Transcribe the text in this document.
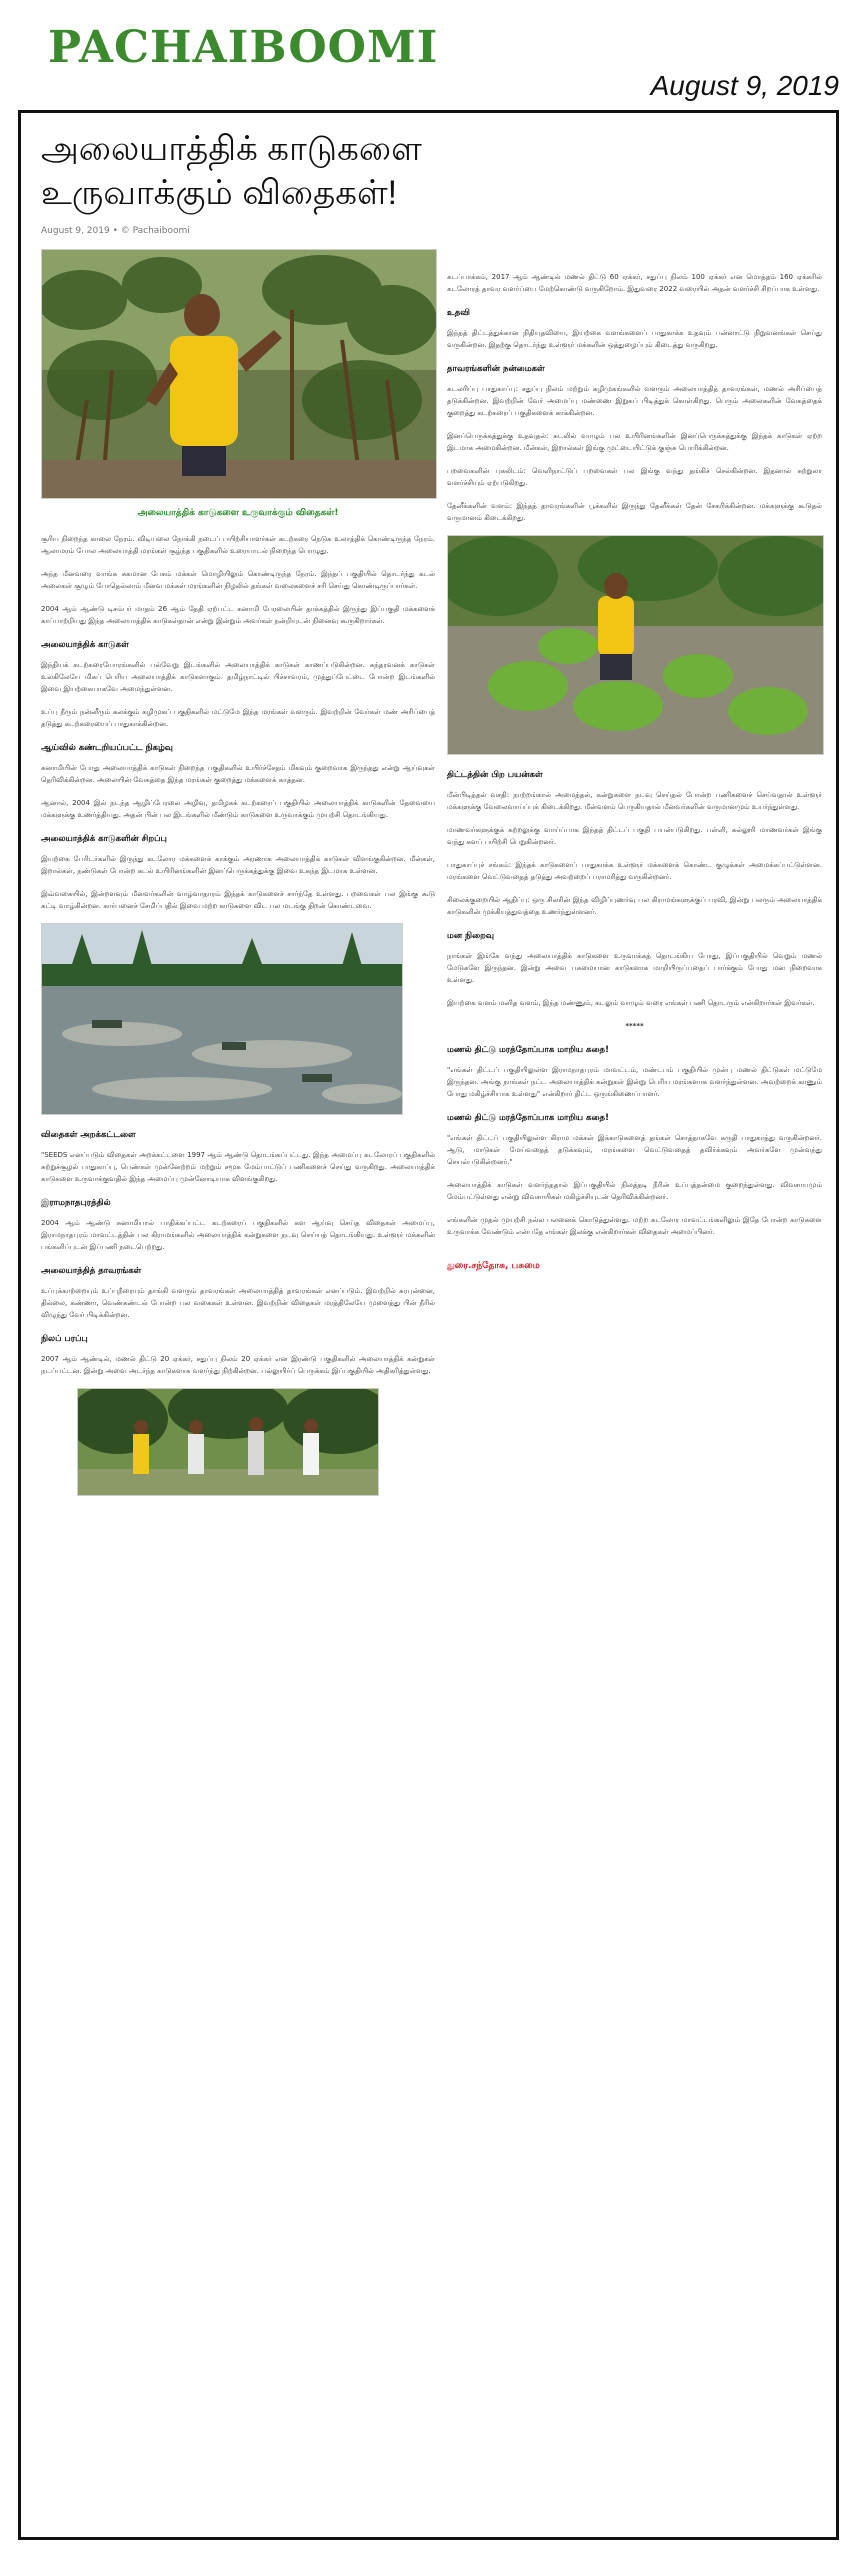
PACHAIBOOMI
August 9, 2019
அலையாத்திக் காடுகளை உருவாக்கும் விதைகள்!
August 9, 2019 • © Pachaiboomi
அலையாத்திக் காடுகளை உருவாக்கும் விதைகள்!

சூரிய நிறைந்த காலை நேரம். விடியலை நோக்கி நடைப் பயிற்சியாளர்கள் கடற்கரை நெடுக உலாத்திக் கொண்டிருந்த நேரம். ஆலாமரம் போல அலையாத்தி மரங்கள் சூழ்ந்த பகுதிகளில் உரையாடல் நிறைந்த பொழுது.

அந்த மீனவரை வாங்க சுகமான பேசும் மக்கள் மொழியிலும் கொண்டிருந்த நேரம். இந்தப் பகுதியில் தொடர்ந்து கடல் அலைகள் சூழும் போதெல்லாம் மீனவ மக்கள் மரங்களின் நிழலில் தங்கள் வலைகளைச் சரி செய்து கொண்டிருப்பார்கள்.

2004 ஆம் ஆண்டு டிசம்பர் மாதம் 26 ஆம் தேதி ஏற்பட்ட சுனாமி பேரலையின் தாக்கத்தில் இருந்து இப்பகுதி மக்களைக் காப்பாற்றியது இந்த அலையாத்திக் காடுகள்தான் என்று இன்றும் அவர்கள் நன்றியுடன் நினைவு கூருகிறார்கள்.

அலையாத்திக் காடுகள்

இந்தியக் கடற்கரையோரங்களில் பல்வேறு இடங்களில் அலையாத்திக் காடுகள் காணப்படுகின்றன. சுந்தரவனக் காடுகள் உலகிலேயே மிகப் பெரிய அலையாத்திக் காடுகளாகும். தமிழ்நாட்டில் பிச்சாவரம், முத்துப்பேட்டை போன்ற இடங்களில் இவை இயற்கையாகவே அமைந்துள்ளன.

உப்பு நீரும் நன்னீரும் கலக்கும் கழிமுகப் பகுதிகளில் மட்டுமே இந்த மரங்கள் வளரும். இவற்றின் வேர்கள் மண் அரிப்பைத் தடுத்து கடற்கரையைப் பாதுகாக்கின்றன.

ஆய்வில் கண்டறியப்பட்ட நிகழ்வு

சுனாமியின் போது அலையாத்திக் காடுகள் நிறைந்த பகுதிகளில் உயிர்ச்சேதம் மிகவும் குறைவாக இருந்தது என்று ஆய்வுகள் தெரிவிக்கின்றன. அலையின் வேகத்தை இந்த மரங்கள் குறைத்து மக்களைக் காத்தன.

ஆனால், 2004 இல் நடந்த ஆழிப்பேரலை அழிவு, தமிழகக் கடற்கரைப் பகுதியில் அலையாத்திக் காடுகளின் தேவையை மக்களுக்கு உணர்த்தியது. அதன் பின் பல இடங்களில் மீண்டும் காடுகளை உருவாக்கும் முயற்சி தொடங்கியது.

அலையாத்திக் காடுகளின் சிறப்பு

இயற்கை பேரிடர்களில் இருந்து கடலோர மக்களைக் காக்கும் அரணாக அலையாத்திக் காடுகள் விளங்குகின்றன. மீன்கள், இறால்கள், நண்டுகள் போன்ற கடல் உயிரினங்களின் இனப்பெருக்கத்துக்கு இவை உகந்த இடமாக உள்ளன.

இவ்வகையில், இன்றளவும் மீனவர்களின் வாழ்வாதாரம் இந்தக் காடுகளைச் சார்ந்தே உள்ளது. பறவைகள் பல இங்கு கூடு கட்டி வாழ்கின்றன. கார்பனைச் சேமிப்பதில் இவை மற்ற காடுகளை விட பல மடங்கு திறன் கொண்டவை.

விதைகள் அறக்கட்டளை

"SEEDS எனப்படும் விதைகள் அறக்கட்டளை 1997 ஆம் ஆண்டு தொடங்கப்பட்டது. இந்த அமைப்பு கடலோரப் பகுதிகளில் சுற்றுச்சூழல் பாதுகாப்பு, பெண்கள் முன்னேற்றம் மற்றும் சமூக மேம்பாட்டுப் பணிகளைச் செய்து வருகிறது. அலையாத்திக் காடுகளை உருவாக்குவதில் இந்த அமைப்பு முன்னோடியாக விளங்குகிறது.

இராமநாதபுரத்தில்

2004 ஆம் ஆண்டு சுனாமியால் பாதிக்கப்பட்ட கடற்கரைப் பகுதிகளில் கள ஆய்வு செய்த விதைகள் அமைப்பு, இராமநாதபுரம் மாவட்டத்தின் பல கிராமங்களில் அலையாத்திக் கன்றுகளை நடவு செய்யத் தொடங்கியது. உள்ளூர் மக்களின் பங்களிப்புடன் இப்பணி நடைபெற்றது.

அலையாத்தித் தாவரங்கள்

உப்புக்காற்றையும் உப்புநீரையும் தாங்கி வளரும் தாவரங்கள் அலையாத்தித் தாவரங்கள் எனப்படும். இவற்றில் சுரபுன்னை, தில்லை, கண்ணா, வெண்கண்டல் போன்ற பல வகைகள் உள்ளன. இவற்றின் விதைகள் மரத்திலேயே முளைத்து பின் நீரில் விழுந்து வேர் பிடிக்கின்றன.

நிலப் பரப்பு

2007 ஆம் ஆண்டில், மணல் திட்டு 20 ஏக்கர், சதுப்பு நிலம் 20 ஏக்கர் என இரண்டு பகுதிகளில் அலையாத்திக் கன்றுகள் நடப்பட்டன. இன்று அவை அடர்ந்த காடுகளாக வளர்ந்து நிற்கின்றன. பல்லுயிர்ப் பெருக்கம் இப்பகுதியில் அதிகரித்துள்ளது.

கடப்பாக்கம், 2017 ஆம் ஆண்டில் மணல் திட்டு 60 ஏக்கர், சதுப்பு நிலம் 100 ஏக்கர் என மொத்தம் 160 ஏக்கரில் கடலோரத் தாவர வளர்ப்பை மேற்கொண்டு வருகிறோம். இதுவரை 2022 வரையில் அதன் வளர்ச்சி சிறப்பாக உள்ளது.

உதவி

இந்தத் திட்டத்துக்கான நிதியுதவியை, இயற்கை வளங்களைப் பாதுகாக்க உதவும் பன்னாட்டு நிறுவனங்கள் செய்து வருகின்றன. இதற்கு தொடர்ந்து உள்ளூர் மக்களின் ஒத்துழைப்பும் கிடைத்து வருகிறது.

தாவரங்களின் நன்மைகள்

கடலரிப்பு பாதுகாப்பு: சதுப்பு நிலம் மற்றும் கழிமுகங்களில் வளரும் அலையாத்தித் தாவரங்கள், மணல் அரிப்பைத் தடுக்கின்றன. இவற்றின் வேர் அமைப்பு மண்ணை இறுகப் பிடித்துக் கொள்கிறது. பெரும் அலைகளின் வேகத்தைக் குறைத்து கடற்கரைப் பகுதிகளைக் காக்கின்றன.

இனப்பெருக்கத்துக்கு உதவுதல்: கடலில் வாழும் பல உயிரினங்களின் இனப்பெருக்கத்துக்கு இந்தக் காடுகள் ஏற்ற இடமாக அமைகின்றன. மீன்கள், இறால்கள் இங்கு முட்டையிட்டுக் குஞ்சு பொரிக்கின்றன.

பறவைகளின் புகலிடம்: வெளிநாட்டுப் பறவைகள் பல இங்கு வந்து தங்கிச் செல்கின்றன. இதனால் சுற்றுலா வளர்ச்சியும் ஏற்படுகிறது.

தேனீக்களின் வளம்: இந்தத் தாவரங்களின் பூக்களில் இருந்து தேனீக்கள் தேன் சேகரிக்கின்றன. மக்களுக்கு கூடுதல் வருமானம் கிடைக்கிறது.

திட்டத்தின் பிற பயன்கள்

மீன்பிடித்தல் வசதி: நாற்றங்கால் அமைத்தல், கன்றுகளை நடவு செய்தல் போன்ற பணிகளைச் செய்வதால் உள்ளூர் மக்களுக்கு வேலைவாய்ப்புக் கிடைக்கிறது. மீன்வளம் பெருகியதால் மீனவர்களின் வருமானமும் உயர்ந்துள்ளது.

மாணவர்களுக்குக் கற்றலுக்கு வாய்ப்பாக இந்தத் திட்டப் பகுதி பயன்படுகிறது. பள்ளி, கல்லூரி மாணவர்கள் இங்கு வந்து களப் பயிற்சி பெறுகின்றனர்.

பாதுகாப்புச் சங்கம்: இந்தக் காடுகளைப் பாதுகாக்க உள்ளூர் மக்களைக் கொண்ட குழுக்கள் அமைக்கப்பட்டுள்ளன. மரங்களை வெட்டுவதைத் தடுத்து அவற்றைப் பராமரித்து வருகின்றனர்.

சிலைக்குறையில் ஆதிப்பு: ஒரு சிலரின் இந்த விழிப்புணர்வு பல கிராமங்களுக்குப் பரவி, இன்று பலரும் அலையாத்திக் காடுகளின் முக்கியத்துவத்தை உணர்ந்துள்ளனர்.

மன நிறைவு

நாங்கள் இங்கே வந்து அலையாத்திக் காடுகளை உருவாக்கத் தொடங்கிய போது, இப்பகுதியில் வெறும் மணல் மேடுகளே இருந்தன. இன்று அவை பசுமையான காடுகளாக மாறியிருப்பதைப் பார்க்கும் போது மன நிறைவாக உள்ளது.

இயற்கை வளம் மனித வளம், இந்த மண்ணும், கடலும் வாழும் வரை எங்கள் பணி தொடரும் என்கிறார்கள் இவர்கள்.

*****
மணல் திட்டு மரத்தோப்பாக மாறிய கதை!

"எங்கள் திட்டப் பகுதியிலுள்ள இராமநாதபுரம் மாவட்டம், மண்டபம் பகுதியில் முன்பு மணல் திட்டுகள் மட்டுமே இருந்தன. அங்கு நாங்கள் நட்ட அலையாத்திக் கன்றுகள் இன்று பெரிய மரங்களாக வளர்ந்துள்ளன. அவற்றைக் காணும் போது மகிழ்ச்சியாக உள்ளது" என்கிறார் திட்ட ஒருங்கிணைப்பாளர்.

மணல் திட்டு மரத்தோப்பாக மாறிய கதை!

"எங்கள் திட்டப் பகுதியிலுள்ள கிராம மக்கள் இக்காடுகளைத் தங்கள் சொத்தாகவே கருதி பாதுகாத்து வருகின்றனர். ஆடு, மாடுகள் மேய்வதைத் தடுக்கவும், மரங்களை வெட்டுவதைத் தவிர்க்கவும் அவர்களே முன்வந்து செயல்படுகின்றனர்."

அலையாத்திக் காடுகள் வளர்ந்ததால் இப்பகுதியில் நிலத்தடி நீரின் உப்புத்தன்மை குறைந்துள்ளது. விவசாயமும் மேம்பட்டுள்ளது என்று விவசாயிகள் மகிழ்ச்சியுடன் தெரிவிக்கின்றனர்.

எங்களின் முதல் முயற்சி நல்ல பலனைக் கொடுத்துள்ளது. மற்ற கடலோர மாவட்டங்களிலும் இதே போன்ற காடுகளை உருவாக்க வேண்டும் என்பதே எங்கள் இலக்கு என்கிறார்கள் விதைகள் அமைப்பினர்.

துரை.சந்தோசு, பசுமை
